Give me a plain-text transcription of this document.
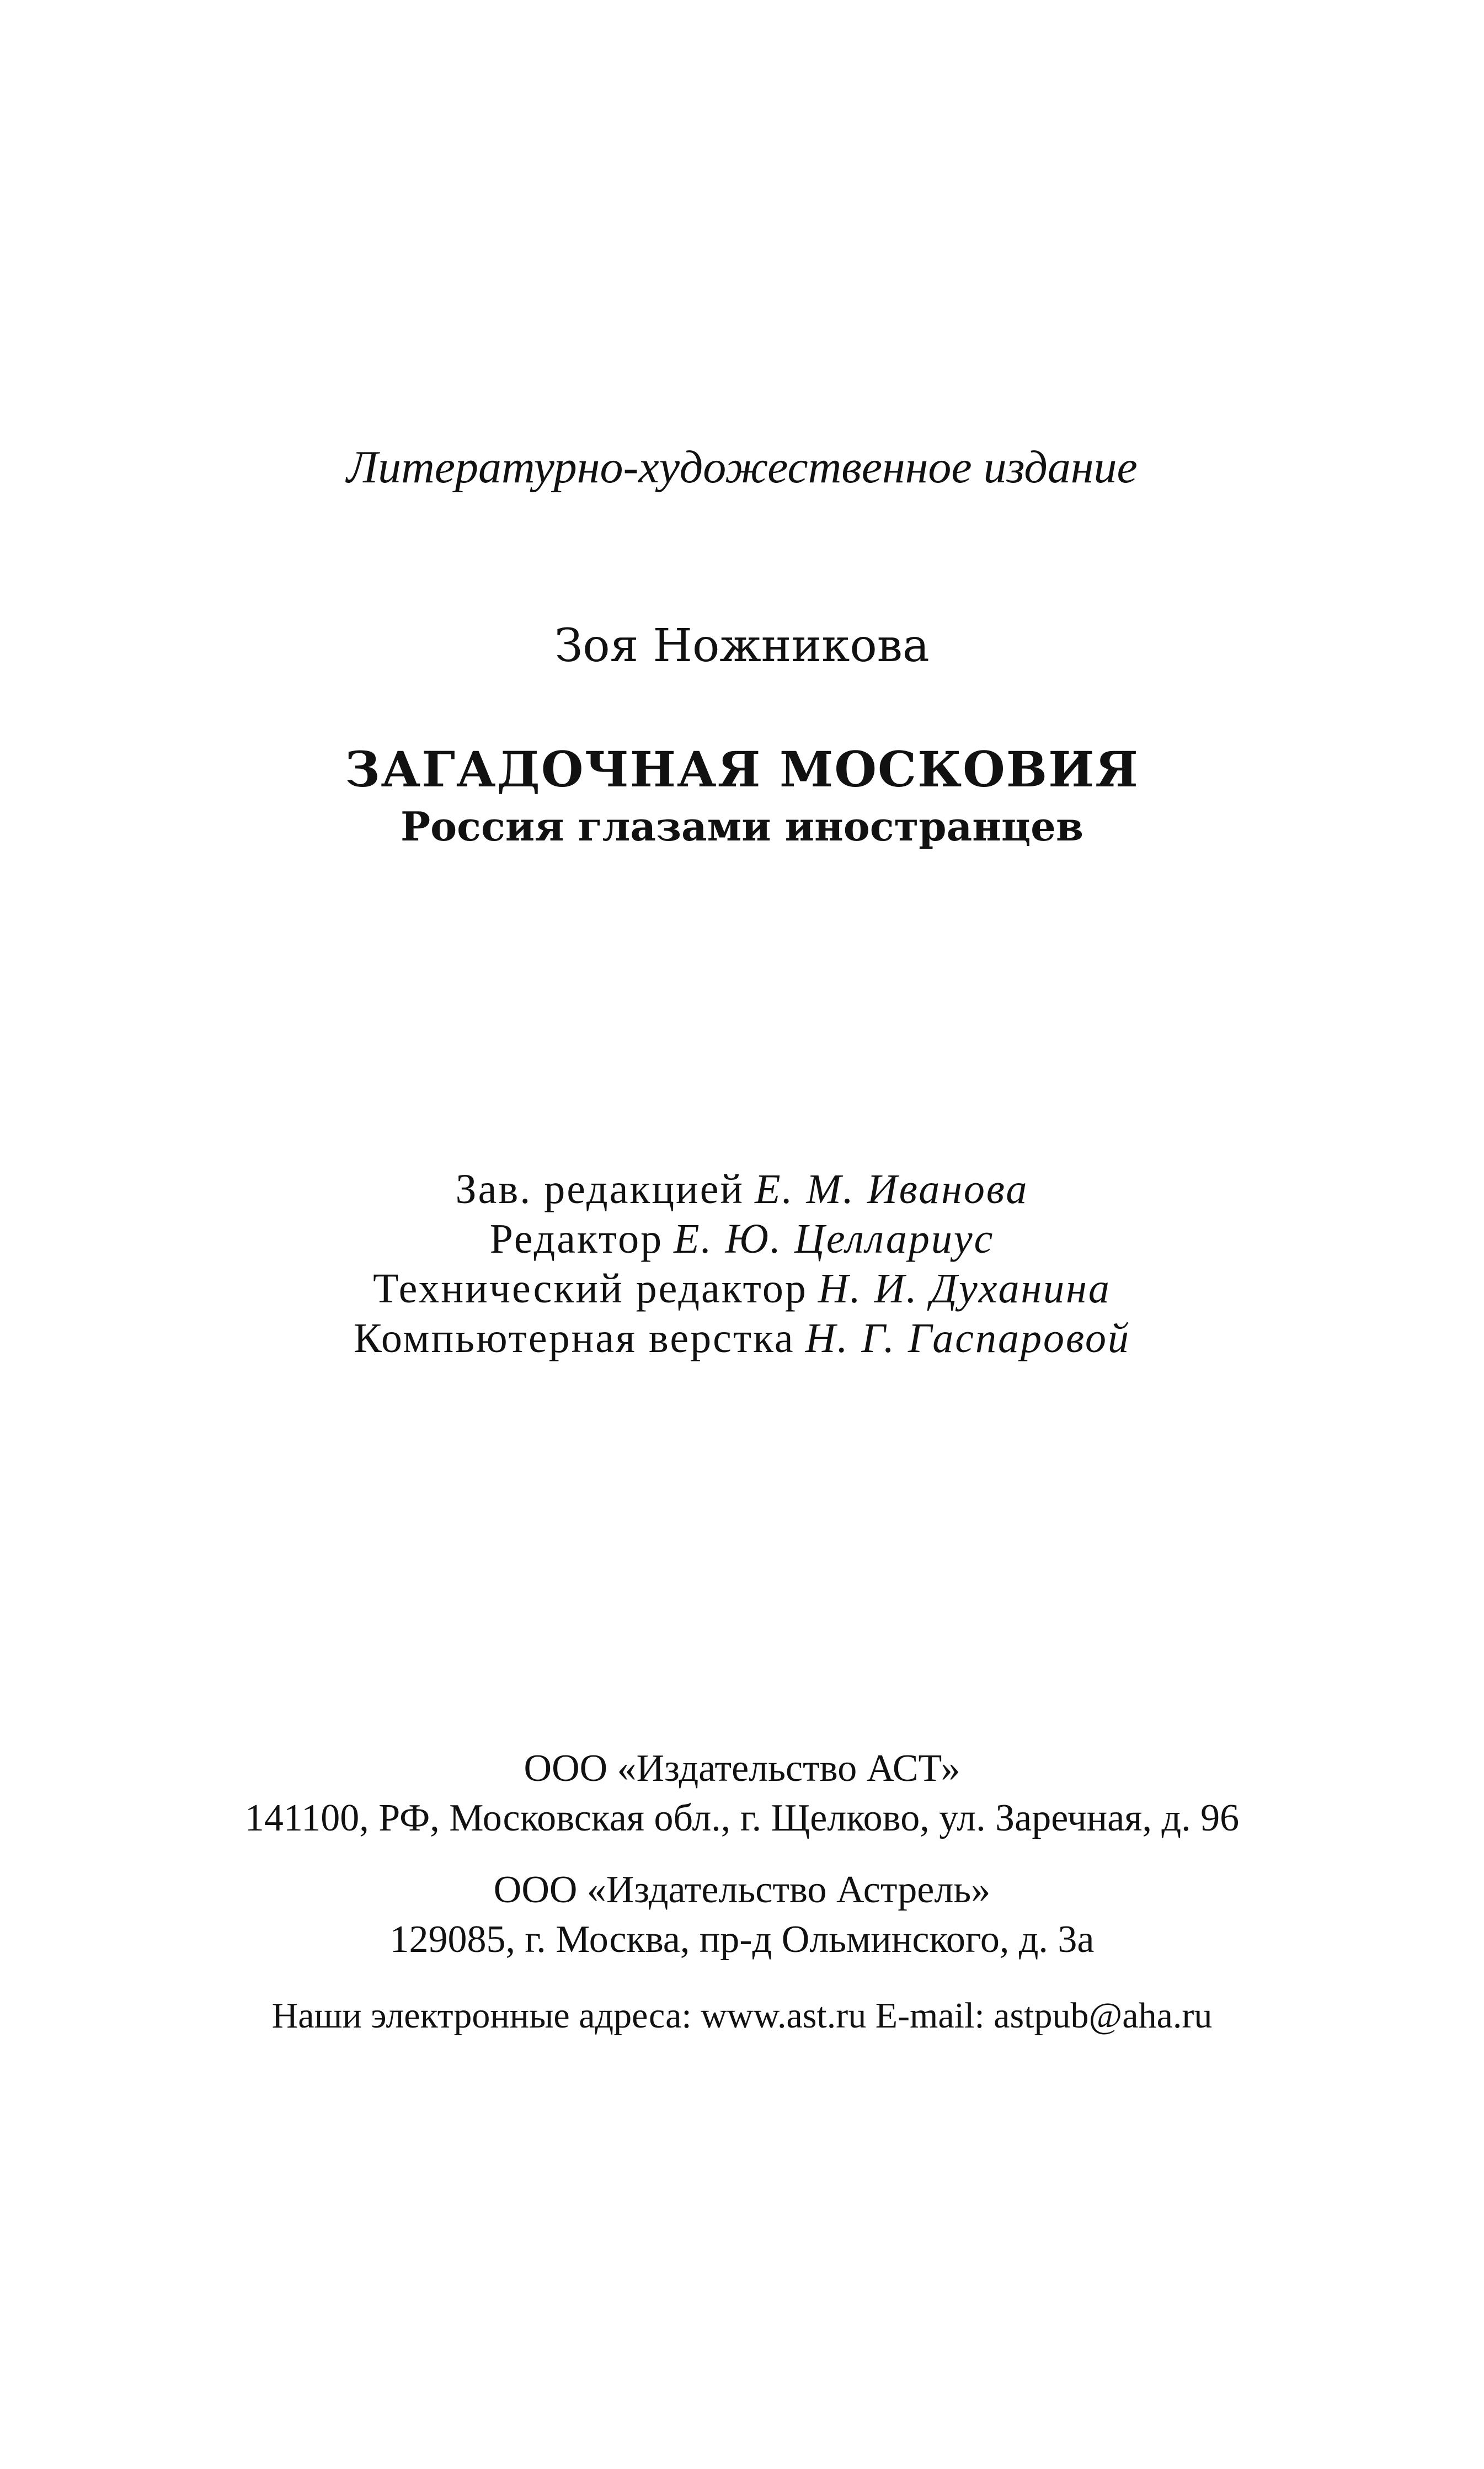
Литературно-художественное издание
Зоя Ножникова
ЗАГАДОЧНАЯ МОСКОВИЯ
Россия глазами иностранцев
Зав. редакцией Е. М. Иванова
Редактор Е. Ю. Целлариус
Технический редактор Н. И. Духанина
Компьютерная верстка Н. Г. Гаспаровой
ООО «Издательство АСТ»
141100, РФ, Московская обл., г. Щелково, ул. Заречная, д. 96
ООО «Издательство Астрель»
129085, г. Москва, пр-д Ольминского, д. 3а
Наши электронные адреса: www.ast.ru E-mail: astpub@aha.ru
